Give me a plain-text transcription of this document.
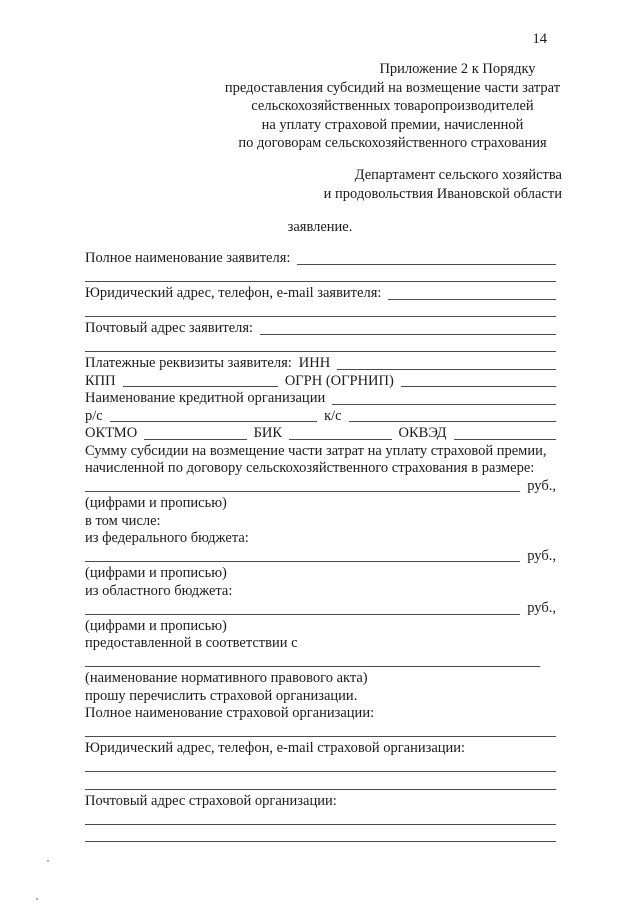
14
Приложение 2 к Порядку
предоставления субсидий на возмещение части затрат
сельскохозяйственных товаропроизводителей
на уплату страховой премии, начисленной
по договорам сельскохозяйственного страхования
Департамент сельского хозяйства
и продовольствия Ивановской области
заявление.
Полное наименование заявителя:
Юридический адрес, телефон, e-mail заявителя:
Почтовый адрес заявителя:
Платежные реквизиты заявителя: ИНН
КПП	ОГРН (ОГРНИП)
Наименование кредитной организации
р/с	к/с
ОКТМО	БИК	ОКВЭД
Сумму субсидии на возмещение части затрат на уплату страховой премии,
начисленной по договору сельскохозяйственного страхования в размере:
руб.,
(цифрами и прописью)
в том числе:
из федерального бюджета:
руб.,
(цифрами и прописью)
из областного бюджета:
руб.,
(цифрами и прописью)
предоставленной в соответствии с
(наименование нормативного правового акта)
прошу перечислить страховой организации.
Полное наименование страховой организации:
Юридический адрес, телефон, e-mail страховой организации:
Почтовый адрес страховой организации:
